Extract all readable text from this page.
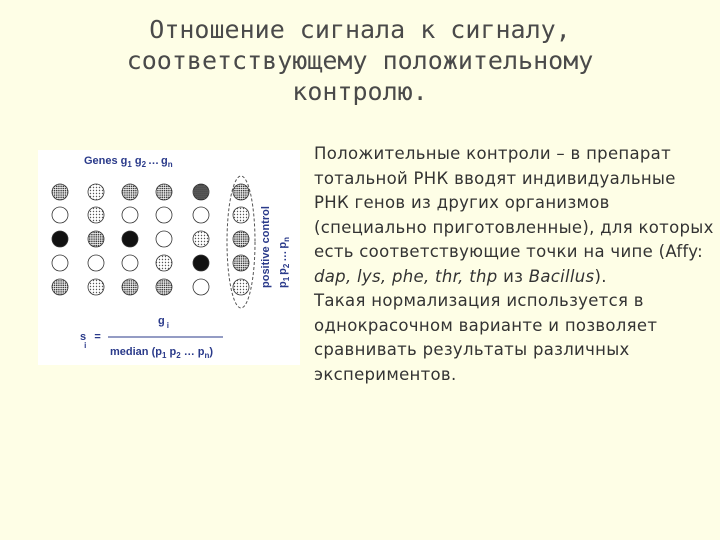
Отношение сигнала к сигналу,
соответствующему положительному
контролю.
Genes $g_1$ $g_2$ … $g_n$
positive control $p_1p_2\dots p_n$
g $_i$
s i=
median ($p_1$ $p_2$ … $p_n$)

Положительные контроли – в препарат тотальной РНК вводят индивидуальные РНК генов из других организмов (специально приготовленные), для которых есть соответствующие точки на чипе (Affy: dap, lys, phe, thr, thp из Bacillus).

Такая нормализация используется в однокрасочном варианте и позволяет сравнивать результаты различных экспериментов.
